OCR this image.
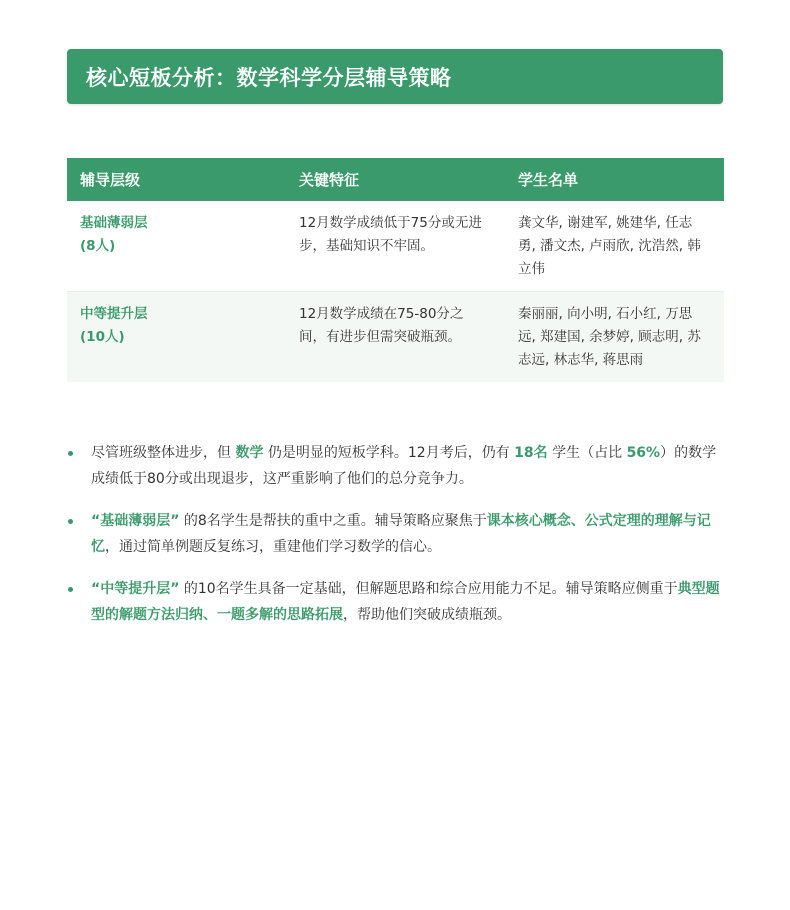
核心短板分析：数学科学分层辅导策略
辅导层级	关键特征	学生名单
基础薄弱层
(8人)	12月数学成绩低于75分或无进步，基础知识不牢固。	龚文华, 谢建军, 姚建华, 任志勇, 潘文杰, 卢雨欣, 沈浩然, 韩立伟
中等提升层
(10人)	12月数学成绩在75-80分之间，有进步但需突破瓶颈。	秦丽丽, 向小明, 石小红, 万思远, 郑建国, 余梦婷, 顾志明, 苏志远, 林志华, 蒋思雨
尽管班级整体进步，但 数学 仍是明显的短板学科。12月考后，仍有 18名 学生（占比 56%）的数学成绩低于80分或出现退步，这严重影响了他们的总分竞争力。
“基础薄弱层” 的8名学生是帮扶的重中之重。辅导策略应聚焦于课本核心概念、公式定理的理解与记忆，通过简单例题反复练习，重建他们学习数学的信心。
“中等提升层” 的10名学生具备一定基础，但解题思路和综合应用能力不足。辅导策略应侧重于典型题型的解题方法归纳、一题多解的思路拓展，帮助他们突破成绩瓶颈。
